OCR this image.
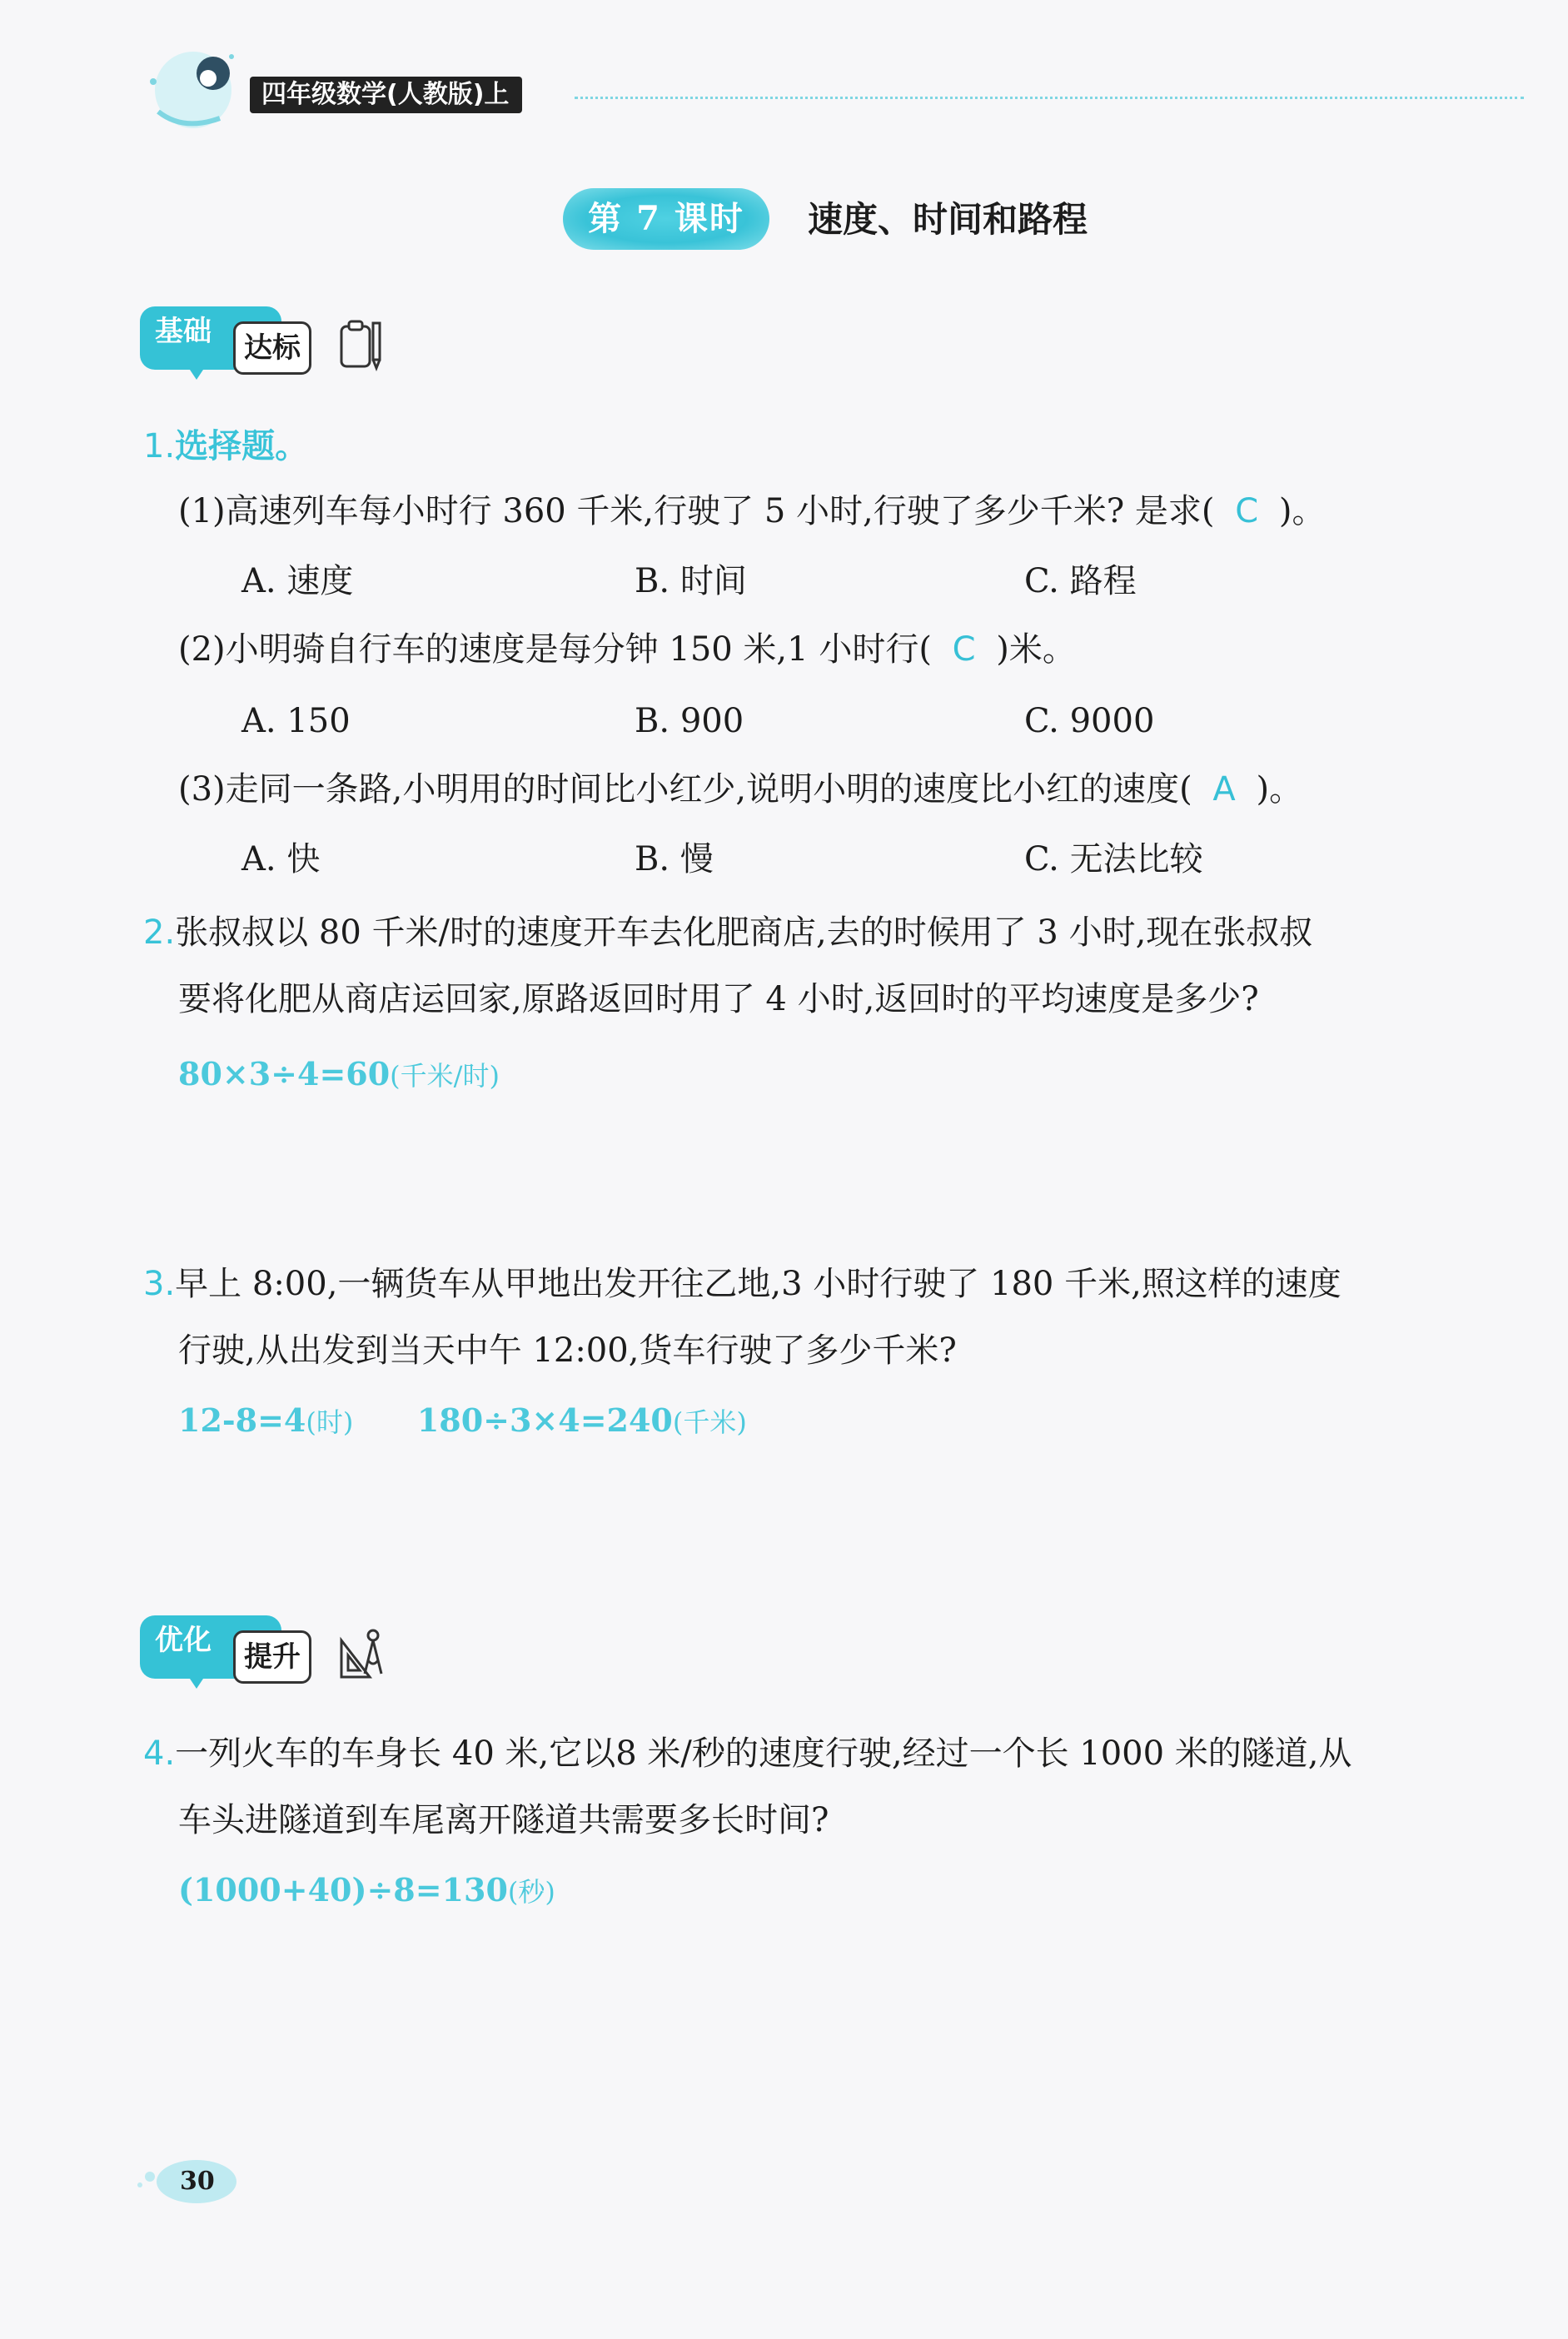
四年级数学(人教版)上
第 7 课时	速度、时间和路程
基础	达标
1.选择题。
(1)高速列车每小时行 360 千米,行驶了 5 小时,行驶了多少千米? 是求( C )。
A. 速度	B. 时间	C. 路程
(2)小明骑自行车的速度是每分钟 150 米,1 小时行( C )米。
A. 150	B. 900	C. 9000
(3)走同一条路,小明用的时间比小红少,说明小明的速度比小红的速度( A )。
A. 快	B. 慢	C. 无法比较
2.张叔叔以 80 千米/时的速度开车去化肥商店,去的时候用了 3 小时,现在张叔叔
要将化肥从商店运回家,原路返回时用了 4 小时,返回时的平均速度是多少?
80×3÷4=60(千米/时)
3.早上 8:00,一辆货车从甲地出发开往乙地,3 小时行驶了 180 千米,照这样的速度
行驶,从出发到当天中午 12:00,货车行驶了多少千米?
12-8=4(时) 180÷3×4=240(千米)
优化	提升
4.一列火车的车身长 40 米,它以8 米/秒的速度行驶,经过一个长 1000 米的隧道,从
车头进隧道到车尾离开隧道共需要多长时间?
(1000+40)÷8=130(秒)
30
